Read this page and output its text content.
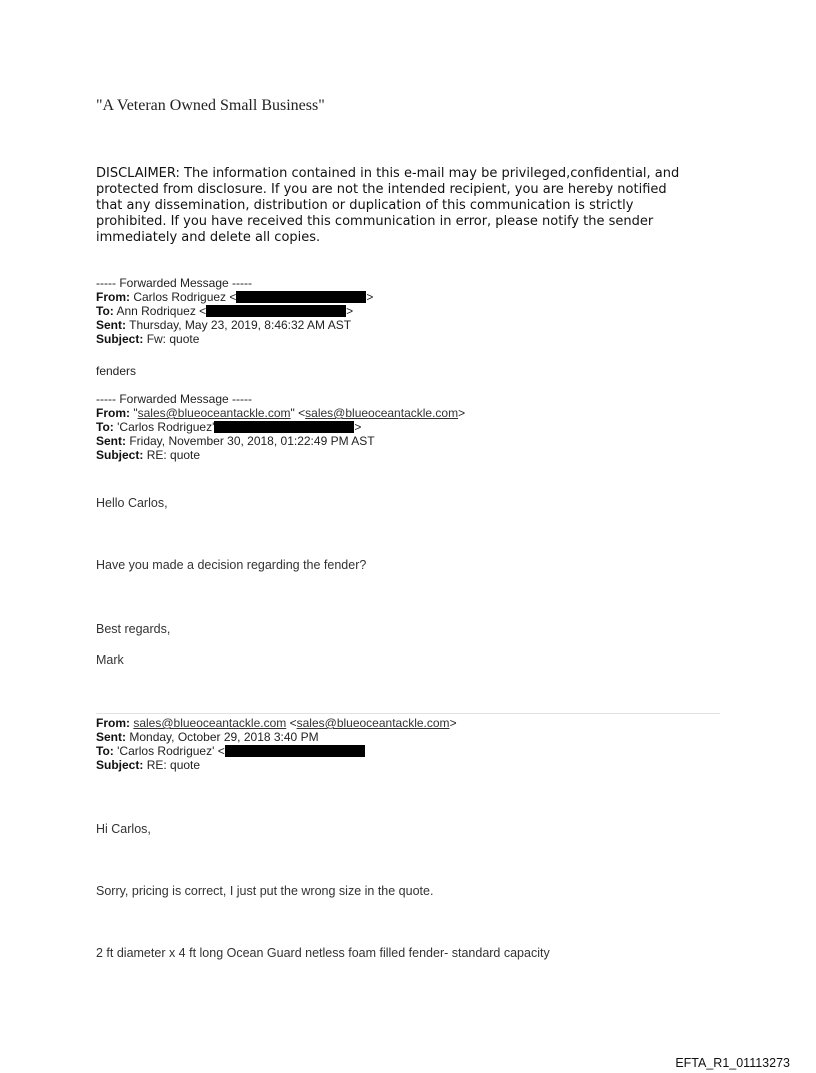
"A Veteran Owned Small Business"
DISCLAIMER: The information contained in this e-mail may be privileged,confidential, and
protected from disclosure. If you are not the intended recipient, you are hereby notified
that any dissemination, distribution or duplication of this communication is strictly
prohibited. If you have received this communication in error, please notify the sender
immediately and delete all copies.
----- Forwarded Message -----
From: Carlos Rodriguez <	>
To: Ann Rodriquez <	>
Sent: Thursday, May 23, 2019, 8:46:32 AM AST
Subject: Fw: quote
fenders
----- Forwarded Message -----
From: "sales@blueoceantackle.com" <sales@blueoceantackle.com>
To: 'Carlos Rodriguez'	>
Sent: Friday, November 30, 2018, 01:22:49 PM AST
Subject: RE: quote
Hello Carlos,
Have you made a decision regarding the fender?
Best regards,
Mark
From: sales@blueoceantackle.com <sales@blueoceantackle.com>
Sent: Monday, October 29, 2018 3:40 PM
To: 'Carlos Rodriguez' <
Subject: RE: quote
Hi Carlos,
Sorry, pricing is correct, I just put the wrong size in the quote.
2 ft diameter x 4 ft long Ocean Guard netless foam filled fender- standard capacity
EFTA_R1_01113273
